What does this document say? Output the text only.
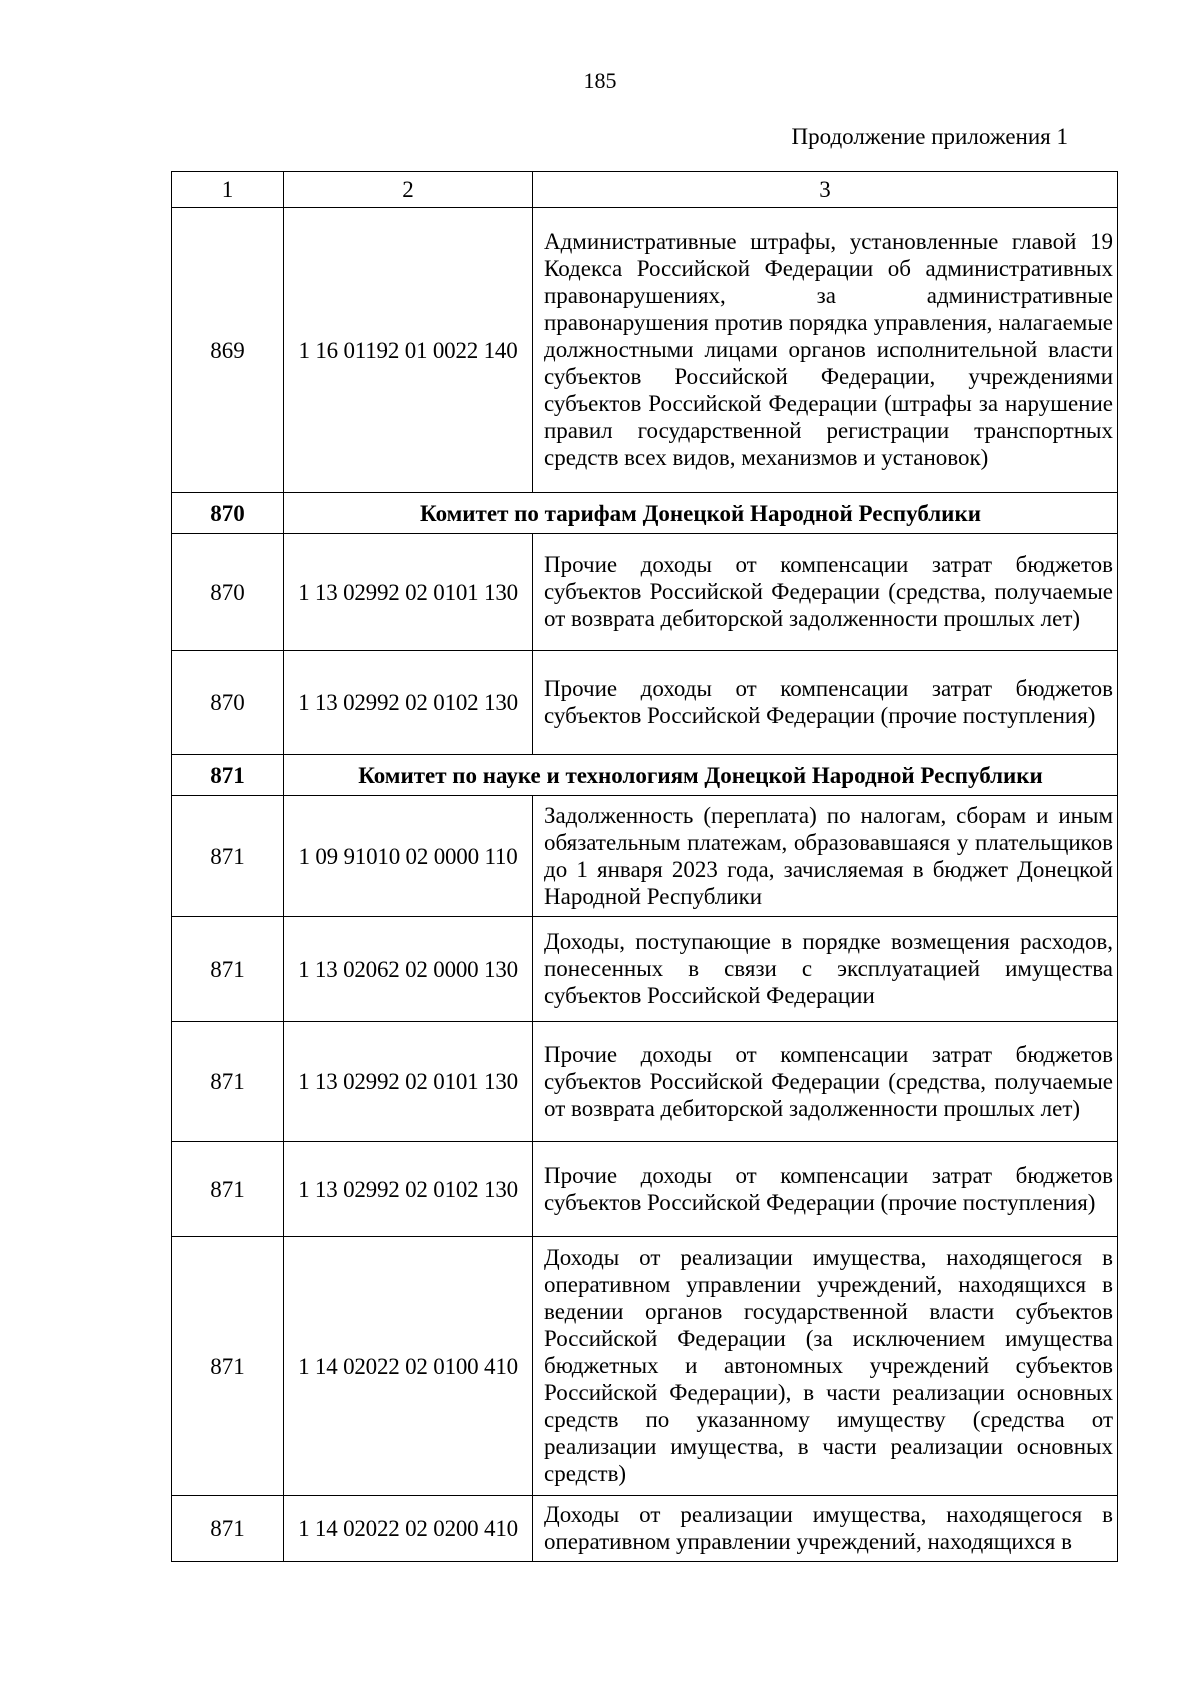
185
Продолжение приложения 1
1	2	3
869	1 16 01192 01 0022 140	Административные штрафы, установленные главой 19 Кодекса Российской Федерации об административных правонарушениях, за административные правонарушения против порядка управления, налагаемые должностными лицами органов исполнительной власти субъектов Российской Федерации, учреждениями субъектов Российской Федерации (штрафы за нарушение правил государственной регистрации транспортных средств всех видов, механизмов и установок)
870	Комитет по тарифам Донецкой Народной Республики	
870	1 13 02992 02 0101 130	Прочие доходы от компенсации затрат бюджетов субъектов Российской Федерации (средства, получаемые от возврата дебиторской задолженности прошлых лет)
870	1 13 02992 02 0102 130	Прочие доходы от компенсации затрат бюджетов субъектов Российской Федерации (прочие поступления)
871	Комитет по науке и технологиям Донецкой Народной Республики	
871	1 09 91010 02 0000 110	Задолженность (переплата) по налогам, сборам и иным обязательным платежам, образовавшаяся у плательщиков до 1 января 2023 года, зачисляемая в бюджет Донецкой Народной Республики
871	1 13 02062 02 0000 130	Доходы, поступающие в порядке возмещения расходов, понесенных в связи с эксплуатацией имущества субъектов Российской Федерации
871	1 13 02992 02 0101 130	Прочие доходы от компенсации затрат бюджетов субъектов Российской Федерации (средства, получаемые от возврата дебиторской задолженности прошлых лет)
871	1 13 02992 02 0102 130	Прочие доходы от компенсации затрат бюджетов субъектов Российской Федерации (прочие поступления)
871	1 14 02022 02 0100 410	Доходы от реализации имущества, находящегося в оперативном управлении учреждений, находящихся в ведении органов государственной власти субъектов Российской Федерации (за исключением имущества бюджетных и автономных учреждений субъектов Российской Федерации), в части реализации основных средств по указанному имуществу (средства от реализации имущества, в части реализации основных средств)
871	1 14 02022 02 0200 410	Доходы от реализации имущества, находящегося в оперативном управлении учреждений, находящихся в
